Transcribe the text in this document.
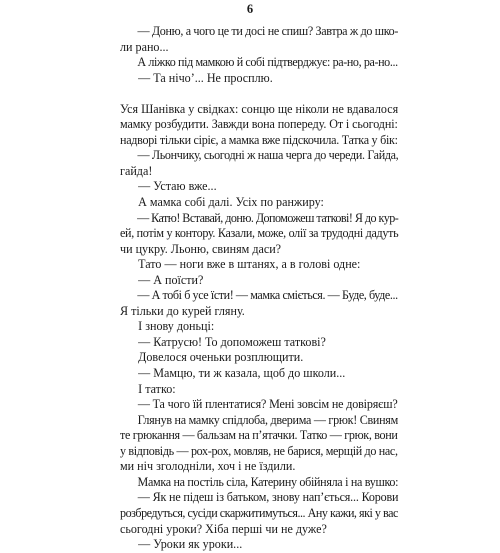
6
  — Доню, а чого це ти досі не спиш? Завтра ж до шко-
ли рано...
  А ліжко під мамкою й собі підтверджує: ра-но, ра-но...
  — Та нічо’... Не просплю.
Уся Шанівка у свідках: сонцю ще ніколи не вдавалося
мамку розбудити. Завжди вона попереду. От і сьогодні:
надворі тільки сіріє, а мамка вже підскочила. Татка у бік:
  — Льончику, сьогодні ж наша черга до череди. Гайда,
гайда!
  — Устаю вже...
  А мамка собі далі. Усіх по ранжиру:
  — Катю! Вставай, доню. Допоможеш таткові! Я до кур-
ей, потім у контору. Казали, може, олії за трудодні дадуть
чи цукру. Льоню, свиням даси?
  Тато — ноги вже в штанях, а в голові одне:
  — А поїсти?
  — А тобі б усе їсти! — мамка сміється. — Буде, буде...
Я тільки до курей гляну.
  І знову доньці:
  — Катрусю! То допоможеш таткові?
  Довелося оченьки розплющити.
  — Мамцю, ти ж казала, щоб до школи...
  І татко:
  — Та чого їй плентатися? Мені зовсім не довіряєш?
  Глянув на мамку спідлоба, дверима — грюк! Свиням
те грюкання — бальзам на п’ятачки. Татко — грюк, вони
у відповідь — рох-рох, мовляв, не барися, мерщій до нас,
ми ніч зголодніли, хоч і не їздили.
  Мамка на постіль сіла, Катерину обійняла і на вушко:
  — Як не підеш із батьком, знову нап’ється... Корови
розбредуться, сусіди скаржитимуться... Ану кажи, які у вас
сьогодні уроки? Хіба перші чи не дуже?
  — Уроки як уроки...
